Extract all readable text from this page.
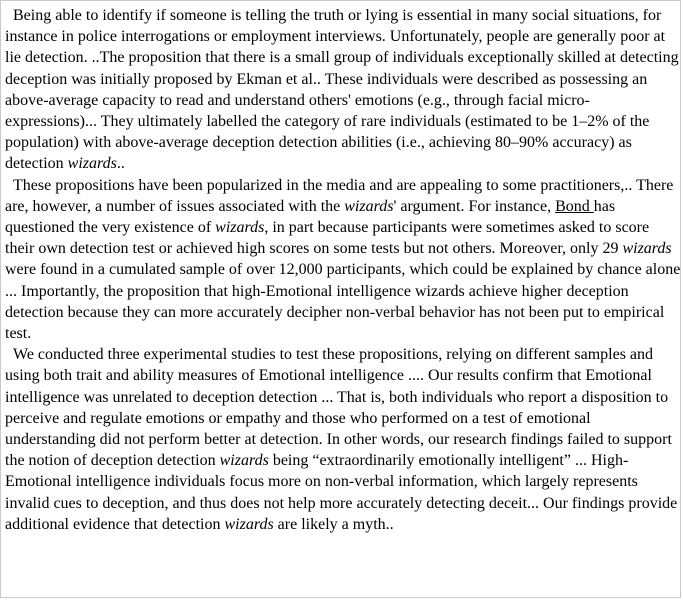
Being able to identify if someone is telling the truth or lying is essential in many social situations, for instance in police interrogations or employment interviews. Unfortunately, people are generally poor at lie detection. ..The proposition that there is a small group of individuals exceptionally skilled at detecting deception was initially proposed by Ekman et al.. These individuals were described as possessing an above-average capacity to read and understand others' emotions (e.g., through facial micro-expressions)... They ultimately labelled the category of rare individuals (estimated to be 1–2% of the population) with above-average deception detection abilities (i.e., achieving 80–90% accuracy) as detection wizards..

These propositions have been popularized in the media and are appealing to some practitioners,.. There are, however, a number of issues associated with the wizards' argument. For instance, Bond has questioned the very existence of wizards, in part because participants were sometimes asked to score their own detection test or achieved high scores on some tests but not others. Moreover, only 29 wizards were found in a cumulated sample of over 12,000 participants, which could be explained by chance alone ... Importantly, the proposition that high-Emotional intelligence wizards achieve higher deception detection because they can more accurately decipher non-verbal behavior has not been put to empirical test.

We conducted three experimental studies to test these propositions, relying on different samples and using both trait and ability measures of Emotional intelligence .... Our results confirm that Emotional intelligence was unrelated to deception detection ... That is, both individuals who report a disposition to perceive and regulate emotions or empathy and those who performed on a test of emotional understanding did not perform better at detection. In other words, our research findings failed to support the notion of deception detection wizards being “extraordinarily emotionally intelligent” ... High-Emotional intelligence individuals focus more on non-verbal information, which largely represents invalid cues to deception, and thus does not help more accurately detecting deceit... Our findings provide additional evidence that detection wizards are likely a myth..
